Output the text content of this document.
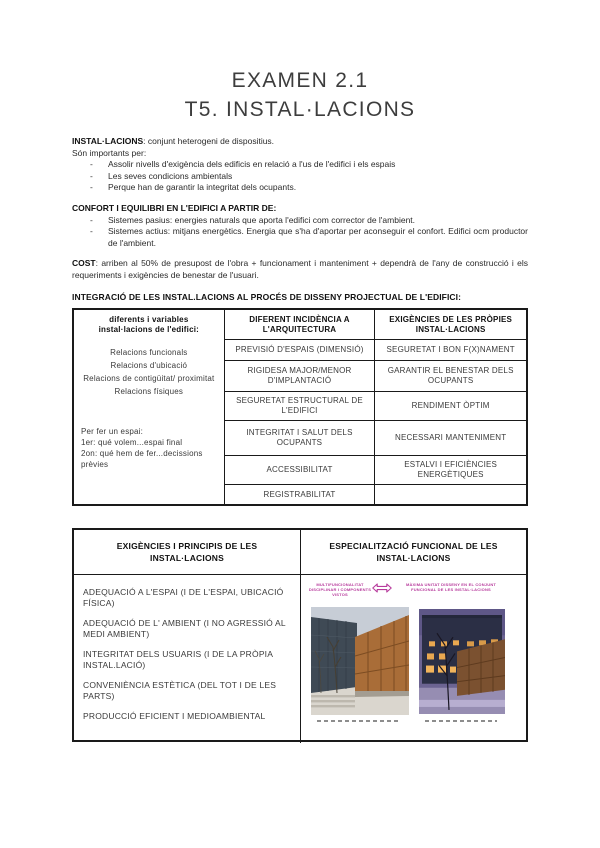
EXAMEN 2.1
T5. INSTAL·LACIONS
INSTAL·LACIONS: conjunt heterogeni de dispositius.
Són importants per:
- Assolir nivells d'exigència dels edificis en relació a l'us de l'edifici i els espais
- Les seves condicions ambientals
- Perque han de garantir la integritat dels ocupants.
CONFORT I EQUILIBRI EN L'EDIFICI A PARTIR DE:
- Sistemes pasius: energies naturals que aporta l'edifici com corrector de l'ambient.
- Sistemes actius: mitjans energètics. Energia que s'ha d'aportar per aconseguir el confort. Edifici ocm productor de l'ambient.
COST: arriben al 50% de presupost de l'obra + funcionament i manteniment + dependrà de l'any de construcció i els requeriments i exigències de benestar de l'usuari.
INTEGRACIÓ DE LES INSTAL.LACIONS AL PROCÉS DE DISSENY PROJECTUAL DE L'EDIFICI:
diferents i variables instal·lacions de l'edifici:
Relacions funcionals
Relacions d'ubicació
Relacions de contigüitat/ proximitat
Relacions físiques
DIFERENT INCIDÈNCIA A L'ARQUITECTURA
EXIGÈNCIES DE LES PRÒPIES INSTAL·LACIONS
PREVISIÓ D'ESPAIS (DIMENSIÓ)	SEGURETAT I BON F(X)NAMENT
RIGIDESA MAJOR/MENOR D'IMPLANTACIÓ
GARANTIR EL BENESTAR DELS OCUPANTS
SEGURETAT ESTRUCTURAL DE L'EDIFICI
RENDIMENT ÒPTIM
Per fer un espai:
1er: qué volem...espai final
2on: qué hem de fer...decissions prèvies
INTEGRITAT I SALUT DELS OCUPANTS
NECESSARI MANTENIMENT
ACCESSIBILITAT
ESTALVI I EFICIÈNCIES ENERGÈTIQUES
REGISTRABILITAT
EXIGÈNCIES I PRINCIPIS DE LES INSTAL·LACIONS
ESPECIALITZACIÓ FUNCIONAL DE LES INSTAL·LACIONS
ADEQUACIÓ A L'ESPAI (I DE L'ESPAI, UBICACIÓ FÍSICA)
ADEQUACIÓ DE L' AMBIENT (I NO AGRESSIÓ AL MEDI AMBIENT)
INTEGRITAT DELS USUARIS (I DE LA PRÒPIA INSTAL.LACIÓ)
CONVENIÈNCIA ESTÈTICA (DEL TOT I DE LES PARTS)
PRODUCCIÓ EFICIENT I MEDIOAMBIENTAL
MULTIFUNCIONALITAT DISCIPLINAR I COMPONENTS VISTOS
MÀXIMA UNITAT DISSENY EN EL CONJUNT FUNCIONAL DE LES INSTAL·LACIONS
